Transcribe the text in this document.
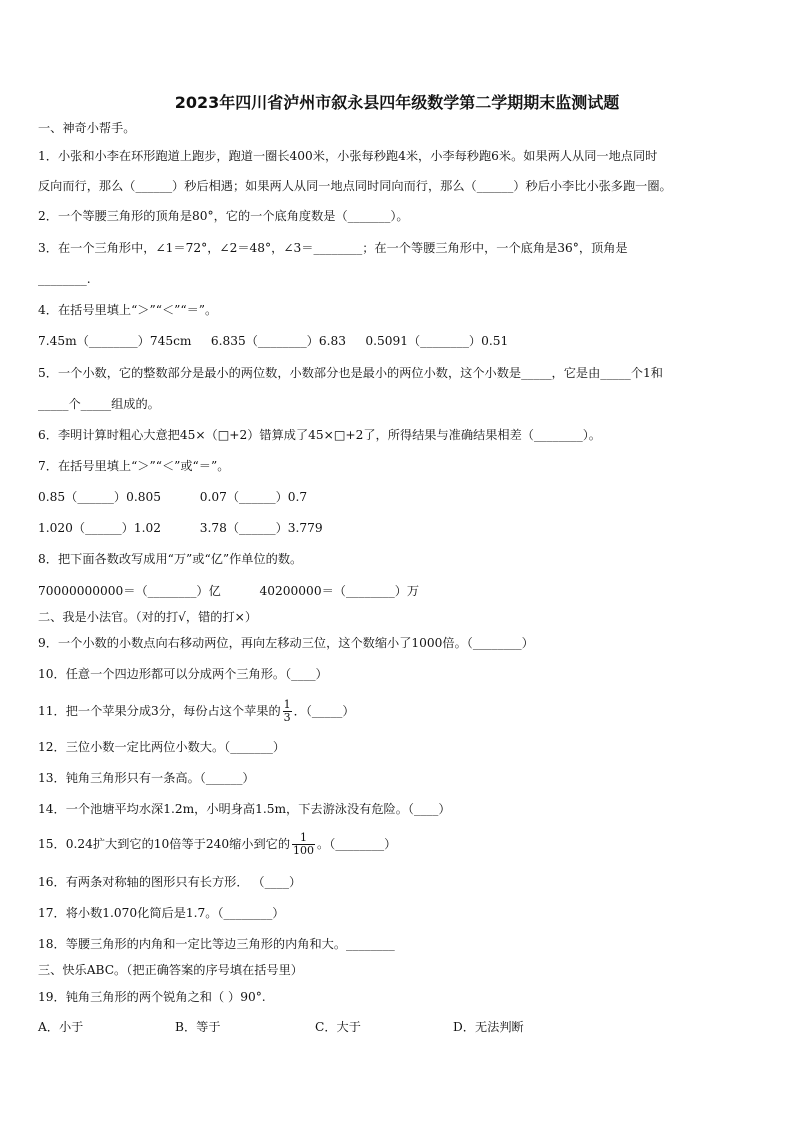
2023年四川省泸州市叙永县四年级数学第二学期期末监测试题
一、神奇小帮手。
1．小张和小李在环形跑道上跑步，跑道一圈长400米，小张每秒跑4米，小李每秒跑6米。如果两人从同一地点同时
反向而行，那么（______）秒后相遇；如果两人从同一地点同时同向而行，那么（______）秒后小李比小张多跑一圈。
2．一个等腰三角形的顶角是80°，它的一个底角度数是（_______）。
3．在一个三角形中，∠1＝72°，∠2＝48°，∠3＝________；在一个等腰三角形中，一个底角是36°，顶角是
________.
4．在括号里填上“＞”“＜”“＝”。
7.45m（________）745cm     6.835（________）6.83     0.5091（________）0.51
5．一个小数，它的整数部分是最小的两位数，小数部分也是最小的两位小数，这个小数是_____，它是由_____个1和
_____个_____组成的。
6．李明计算时粗心大意把45×（□+2）错算成了45×□+2了，所得结果与准确结果相差（________）。
7．在括号里填上“＞”“＜”或“＝”。
0.85（______）0.805          0.07（______）0.7
1.020（______）1.02          3.78（______）3.779
8．把下面各数改写成用“万”或“亿”作单位的数。
70000000000＝（________）亿          40200000＝（________）万
二、我是小法官。（对的打√，错的打×）
9．一个小数的小数点向右移动两位，再向左移动三位，这个数缩小了1000倍。（________）
10．任意一个四边形都可以分成两个三角形。（____）
11．把一个苹果分成3分，每份占这个苹果的 $\frac{1}{3}$ ．（_____）
12．三位小数一定比两位小数大。（_______）
13．钝角三角形只有一条高。（______）
14．一个池塘平均水深1.2m，小明身高1.5m，下去游泳没有危险。（____）
15．0.24扩大到它的10倍等于240缩小到它的 $\frac{1}{100}$ 。（________）
16．有两条对称轴的图形只有长方形． （____）
17．将小数1.070化简后是1.7。（________）
18．等腰三角形的内角和一定比等边三角形的内角和大。________
三、快乐ABC。（把正确答案的序号填在括号里）
19．钝角三角形的两个锐角之和（ ）90°.
A．小于	B．等于	C．大于	D．无法判断
